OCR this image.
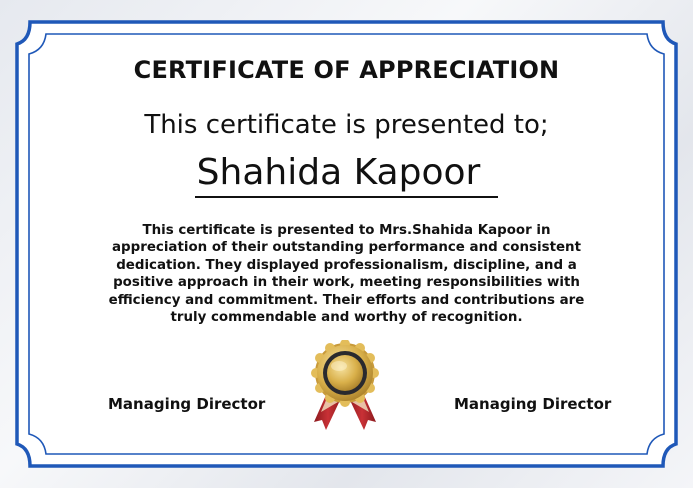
CERTIFICATE OF APPRECIATION
This certificate is presented to;
Shahida Kapoor
This certificate is presented to Mrs.Shahida Kapoor in appreciation of their outstanding performance and consistent dedication. They displayed professionalism, discipline, and a positive approach in their work, meeting responsibilities with efficiency and commitment. Their efforts and contributions are truly commendable and worthy of recognition.
Managing Director	Managing Director
